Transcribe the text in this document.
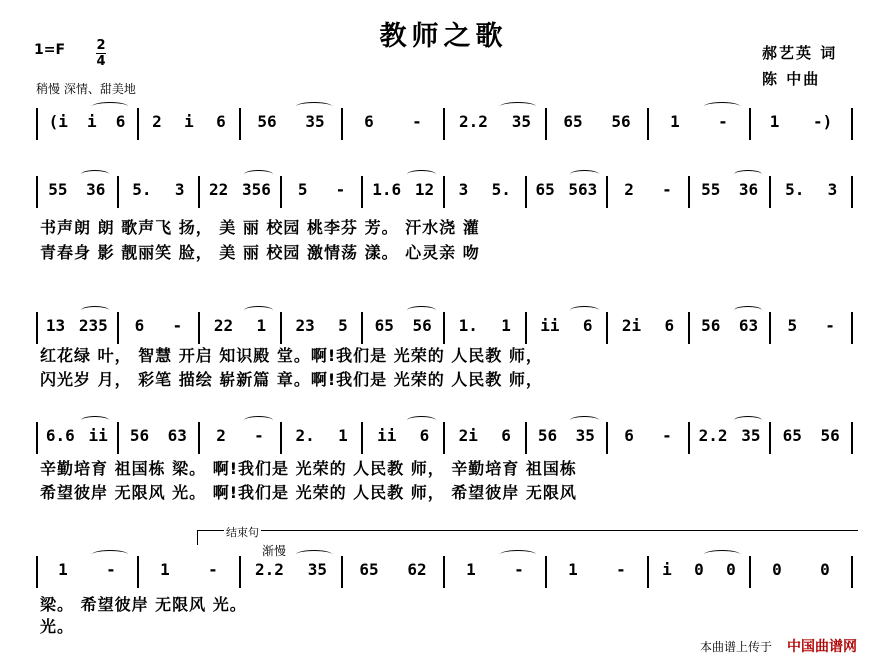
教师之歌
1=F 2
4
稍慢 深情、甜美地
郝艺英 词
陈 中曲
(i i 6 2 i 6 56 35 6 - 2.2 35 65 56 1 -	1 -)
55 36 5. 3 22 356 5 - 1.6 12 3 5. 65 563 2 - 55 36 5. 3
书声朗 朗 歌声飞 扬， 美 丽 校园 桃李芬 芳。 汗水浇 灌
青春身 影 靓丽笑 脸， 美 丽 校园 激情荡 漾。 心灵亲 吻
13 235 6 - 22 1 23 5 65 56 1. 1 ii 6 2i 6 56 63 5 -
红花绿 叶， 智慧 开启 知识殿 堂。啊!我们是 光荣的 人民教 师，
闪光岁 月， 彩笔 描绘 崭新篇 章。啊!我们是 光荣的 人民教 师，
6.6 ii 56 63 2 - 2. 1 ii 6 2i 6 56 35 6 - 2.2 35 65 56
辛勤培育 祖国栋 梁。 啊!我们是 光荣的 人民教 师， 辛勤培育 祖国栋
希望彼岸 无限风 光。 啊!我们是 光荣的 人民教 师， 希望彼岸 无限风
结束句
渐慢
1 -	1 - 2.2 35 65 62 1 -	1 - i 0 0 0 0
梁。 希望彼岸 无限风 光。
光。
本曲谱上传于 中国曲谱网
